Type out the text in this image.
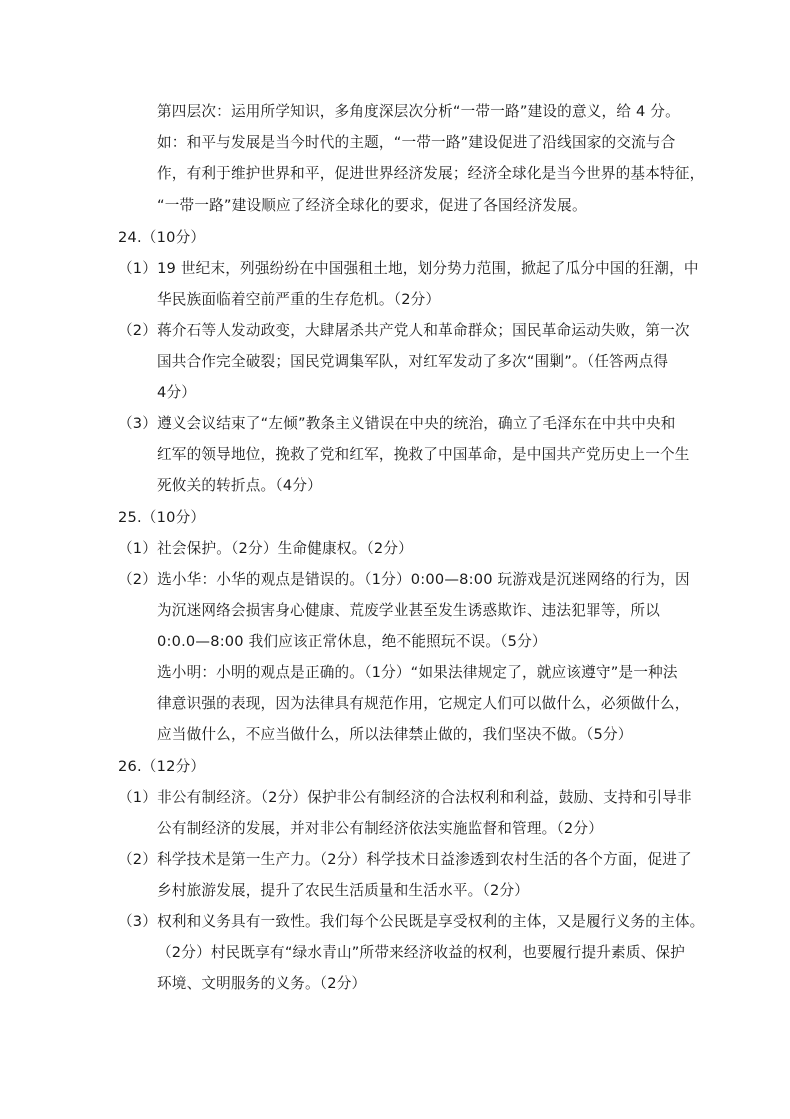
第四层次：运用所学知识，多角度深层次分析“一带一路”建设的意义，给 4 分。

如：和平与发展是当今时代的主题，“一带一路”建设促进了沿线国家的交流与合

作，有利于维护世界和平，促进世界经济发展；经济全球化是当今世界的基本特征，

“一带一路”建设顺应了经济全球化的要求，促进了各国经济发展。

24.（10分）

（1）19 世纪末，列强纷纷在中国强租土地，划分势力范围，掀起了瓜分中国的狂潮，中

华民族面临着空前严重的生存危机。（2分）

（2）蒋介石等人发动政变，大肆屠杀共产党人和革命群众；国民革命运动失败，第一次

国共合作完全破裂；国民党调集军队，对红军发动了多次“围剿”。（任答两点得

4分）

（3）遵义会议结束了“左倾”教条主义错误在中央的统治，确立了毛泽东在中共中央和

红军的领导地位，挽救了党和红军，挽救了中国革命，是中国共产党历史上一个生

死攸关的转折点。（4分）

25.（10分）

（1）社会保护。（2分）生命健康权。（2分）

（2）选小华：小华的观点是错误的。（1分）0:00—8:00 玩游戏是沉迷网络的行为，因

为沉迷网络会损害身心健康、荒废学业甚至发生诱惑欺诈、违法犯罪等，所以

0:0.0—8:00 我们应该正常休息，绝不能照玩不误。（5分）

选小明：小明的观点是正确的。（1分）“如果法律规定了，就应该遵守”是一种法

律意识强的表现，因为法律具有规范作用，它规定人们可以做什么，必须做什么，

应当做什么，不应当做什么，所以法律禁止做的，我们坚决不做。（5分）

26.（12分）

（1）非公有制经济。（2分）保护非公有制经济的合法权利和利益，鼓励、支持和引导非

公有制经济的发展，并对非公有制经济依法实施监督和管理。（2分）

（2）科学技术是第一生产力。（2分）科学技术日益渗透到农村生活的各个方面，促进了

乡村旅游发展，提升了农民生活质量和生活水平。（2分）

（3）权利和义务具有一致性。我们每个公民既是享受权利的主体，又是履行义务的主体。

（2分）村民既享有“绿水青山”所带来经济收益的权利，也要履行提升素质、保护

环境、文明服务的义务。（2分）
